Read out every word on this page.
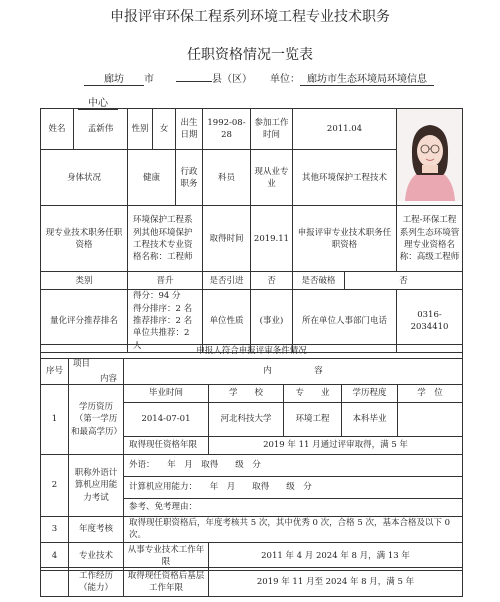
申报评审环保工程系列环境工程专业技术职务
任职资格情况一览表
廊坊 市	县（区） 单位： 廊坊市生态环境局环境信息
中心
姓名	孟新伟	性别	女	出生日期	1992-08-28	参加工作时间	2011.04	

身体状况		健康		行政职务	科员	现从业专业	其他环境保护工程技术		
现专业技术职务任职资格		环境保护工程系列其他环境保护工程技术专业资格名称：工程师			取得时间	2019.11	申报评审专业技术职务任职资格		工程-环保工程系列生态环境管理专业资格名称：高级工程师
类别		晋升			是否引进	否	是否破格	否	
量化评分推荐排名		得分：94 分
得分排序：2 名
推荐排序：2 名
单位共推荐：2 人			单位性质	(事业)	所在单位人事部门电话		0316-2034410
申报人符合申报评审条件情况						
序号	内容
项目	内　　　　　容				
1	学历资历（第一学历和最高学历）	毕业时间	学　　校	专　　业	学历程度	学　位
		2014-07-01	河北科技大学	环境工程	本科毕业	
		取得现任资格年限	2019 年 11 月通过评审取得，满 5 年			
2	职称外语计算机应用能力考试	外语：　　年　月　取得　　级　分				
		计算机应用能力：　　年　月　　取得　　级　分				
		参考、免考理由：				
3	年度考核	取得现任职资格后，年度考核共 5 次，其中优秀 0 次，合格 5 次，基本合格及以下 0 次。				
4	专业技术	从事专业技术工作年限	2011 年 4 月 2024 年 8 月，满 13 年			
	工作经历（能力）	取得现任资格后基层工作年限	2019 年 11 月至 2024 年 8 月，满 5 年
